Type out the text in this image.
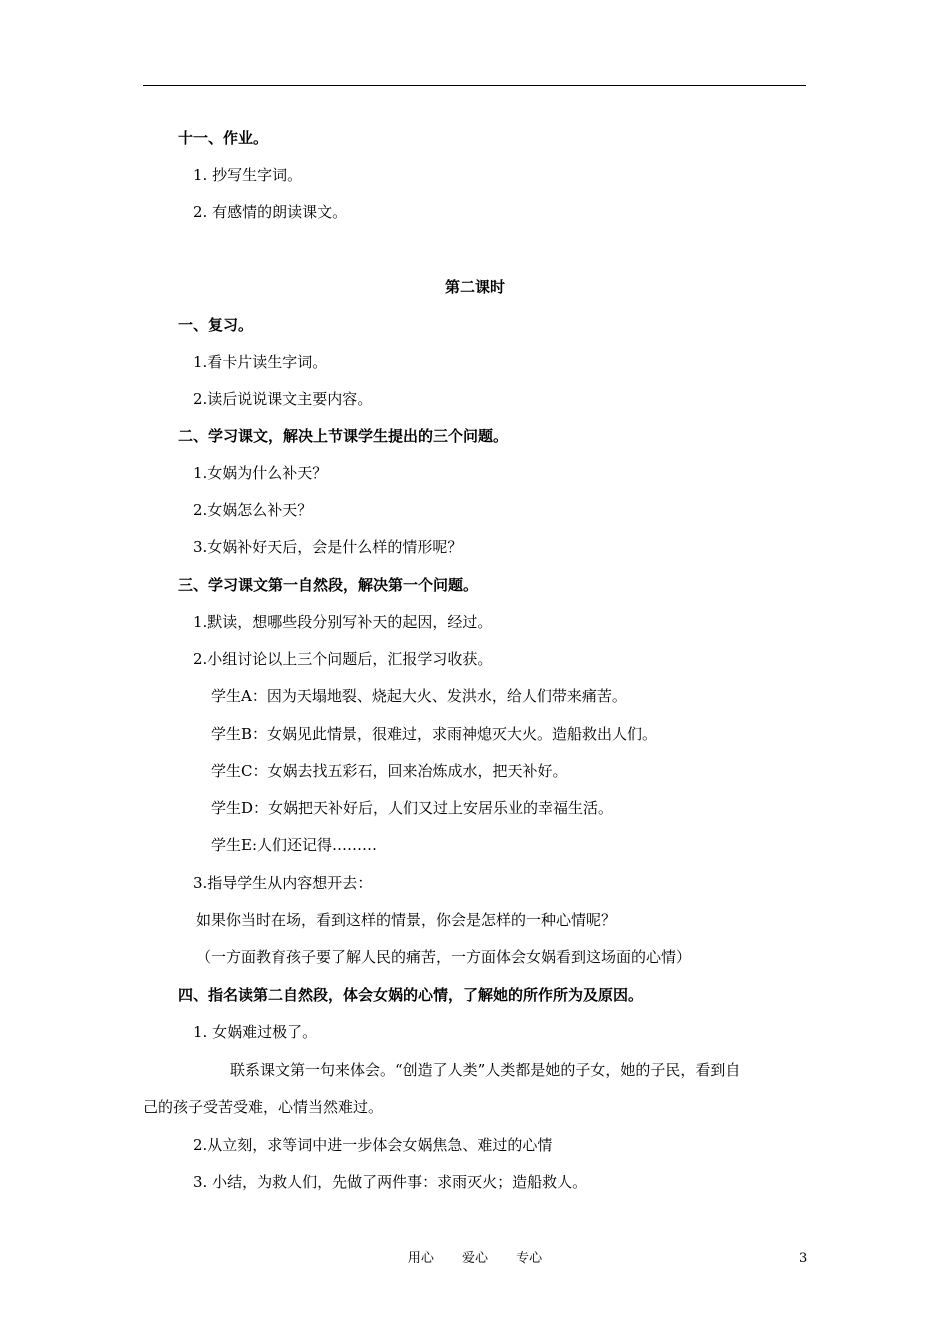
十一、作业。
1. 抄写生字词。
2. 有感情的朗读课文。
第二课时
一、复习。
1.看卡片读生字词。
2.读后说说课文主要内容。
二、学习课文，解决上节课学生提出的三个问题。
1.女娲为什么补天？
2.女娲怎么补天？
3.女娲补好天后，会是什么样的情形呢？
三、学习课文第一自然段，解决第一个问题。
1.默读，想哪些段分别写补天的起因，经过。
2.小组讨论以上三个问题后，汇报学习收获。
学生A：因为天塌地裂、烧起大火、发洪水，给人们带来痛苦。
学生B：女娲见此情景，很难过，求雨神熄灭大火。造船救出人们。
学生C：女娲去找五彩石，回来冶炼成水，把天补好。
学生D：女娲把天补好后，人们又过上安居乐业的幸福生活。
学生E:人们还记得………
3.指导学生从内容想开去：
如果你当时在场，看到这样的情景，你会是怎样的一种心情呢？
（一方面教育孩子要了解人民的痛苦，一方面体会女娲看到这场面的心情）
四、指名读第二自然段，体会女娲的心情，了解她的所作所为及原因。
1. 女娲难过极了。
联系课文第一句来体会。“创造了人类”人类都是她的子女，她的子民，看到自
己的孩子受苦受难，心情当然难过。
2.从立刻，求等词中进一步体会女娲焦急、难过的心情
3. 小结，为救人们，先做了两件事：求雨灭火；造船救人。
用心 爱心 专心	3
